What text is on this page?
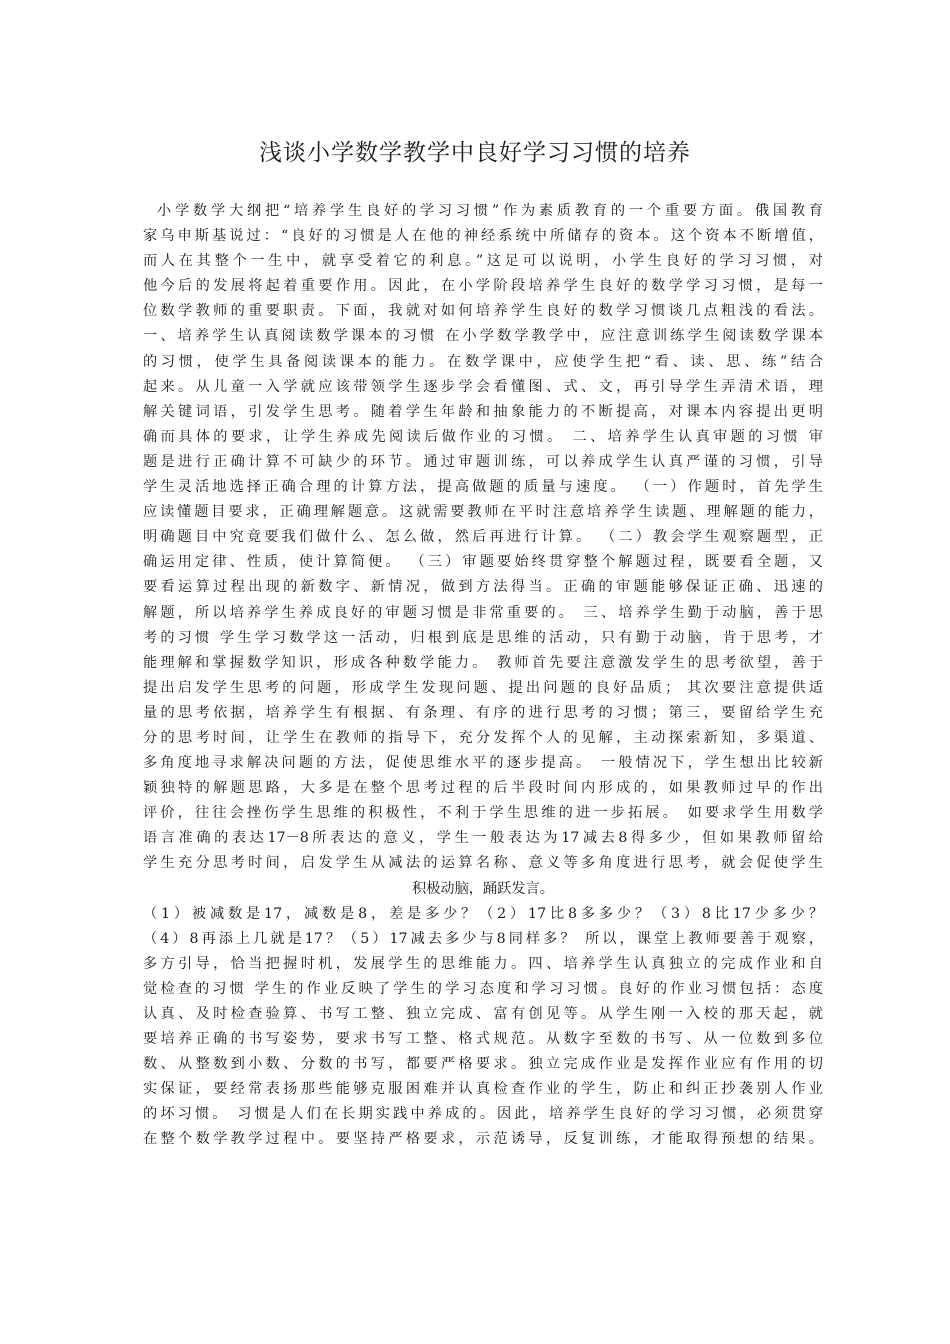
浅谈小学数学教学中良好学习习惯的培养
小学数学大纲把“培养学生良好的学习习惯”作为素质教育的一个重要方面。俄国教育
家乌申斯基说过：“良好的习惯是人在他的神经系统中所储存的资本。这个资本不断增值，
而人在其整个一生中，就享受着它的利息。”这足可以说明，小学生良好的学习习惯，对
他今后的发展将起着重要作用。因此，在小学阶段培养学生良好的数学学习习惯，是每一
位数学教师的重要职责。下面，我就对如何培养学生良好的数学习惯谈几点粗浅的看法。
一、培养学生认真阅读数学课本的习惯 在小学数学教学中，应注意训练学生阅读数学课本
的习惯，使学生具备阅读课本的能力。在数学课中，应使学生把“看、读、思、练”结合
起来。从儿童一入学就应该带领学生逐步学会看懂图、式、文，再引导学生弄清术语，理
解关键词语，引发学生思考。随着学生年龄和抽象能力的不断提高，对课本内容提出更明
确而具体的要求，让学生养成先阅读后做作业的习惯。 二、培养学生认真审题的习惯 审
题是进行正确计算不可缺少的环节。通过审题训练，可以养成学生认真严谨的习惯，引导
学生灵活地选择正确合理的计算方法，提高做题的质量与速度。 （一）作题时，首先学生
应读懂题目要求，正确理解题意。这就需要教师在平时注意培养学生读题、理解题的能力，
明确题目中究竟要我们做什么、怎么做，然后再进行计算。 （二）教会学生观察题型，正
确运用定律、性质，使计算简便。 （三）审题要始终贯穿整个解题过程，既要看全题，又
要看运算过程出现的新数字、新情况，做到方法得当。正确的审题能够保证正确、迅速的
解题，所以培养学生养成良好的审题习惯是非常重要的。 三、培养学生勤于动脑，善于思
考的习惯 学生学习数学这一活动，归根到底是思维的活动，只有勤于动脑，肯于思考，才
能理解和掌握数学知识，形成各种数学能力。 教师首先要注意激发学生的思考欲望，善于
提出启发学生思考的问题，形成学生发现问题、提出问题的良好品质； 其次要注意提供适
量的思考依据，培养学生有根据、有条理、有序的进行思考的习惯；第三，要留给学生充
分的思考时间，让学生在教师的指导下，充分发挥个人的见解，主动探索新知，多渠道、
多角度地寻求解决问题的方法，促使思维水平的逐步提高。 一般情况下，学生想出比较新
颖独特的解题思路，大多是在整个思考过程的后半段时间内形成的，如果教师过早的作出
评价，往往会挫伤学生思维的积极性，不利于学生思维的进一步拓展。 如要求学生用数学
语言准确的表达17－8所表达的意义，学生一般表达为17减去8得多少，但如果教师留给
学生充分思考时间，启发学生从减法的运算名称、意义等多角度进行思考，就会促使学生
积极动脑，踊跃发言。
（1）被减数是17，减数是8，差是多少？（2）17比8多多少？（3）8比17少多少？
（4）8再添上几就是17？（5）17减去多少与8同样多？ 所以，课堂上教师要善于观察，
多方引导，恰当把握时机，发展学生的思维能力。四、培养学生认真独立的完成作业和自
觉检查的习惯 学生的作业反映了学生的学习态度和学习习惯。良好的作业习惯包括：态度
认真、及时检查验算、书写工整、独立完成、富有创见等。从学生刚一入校的那天起，就
要培养正确的书写姿势，要求书写工整、格式规范。从数字至数的书写、从一位数到多位
数、从整数到小数、分数的书写，都要严格要求。独立完成作业是发挥作业应有作用的切
实保证，要经常表扬那些能够克服困难并认真检查作业的学生，防止和纠正抄袭别人作业
的坏习惯。 习惯是人们在长期实践中养成的。因此，培养学生良好的学习习惯，必须贯穿
在整个数学教学过程中。要坚持严格要求，示范诱导，反复训练，才能取得预想的结果。
